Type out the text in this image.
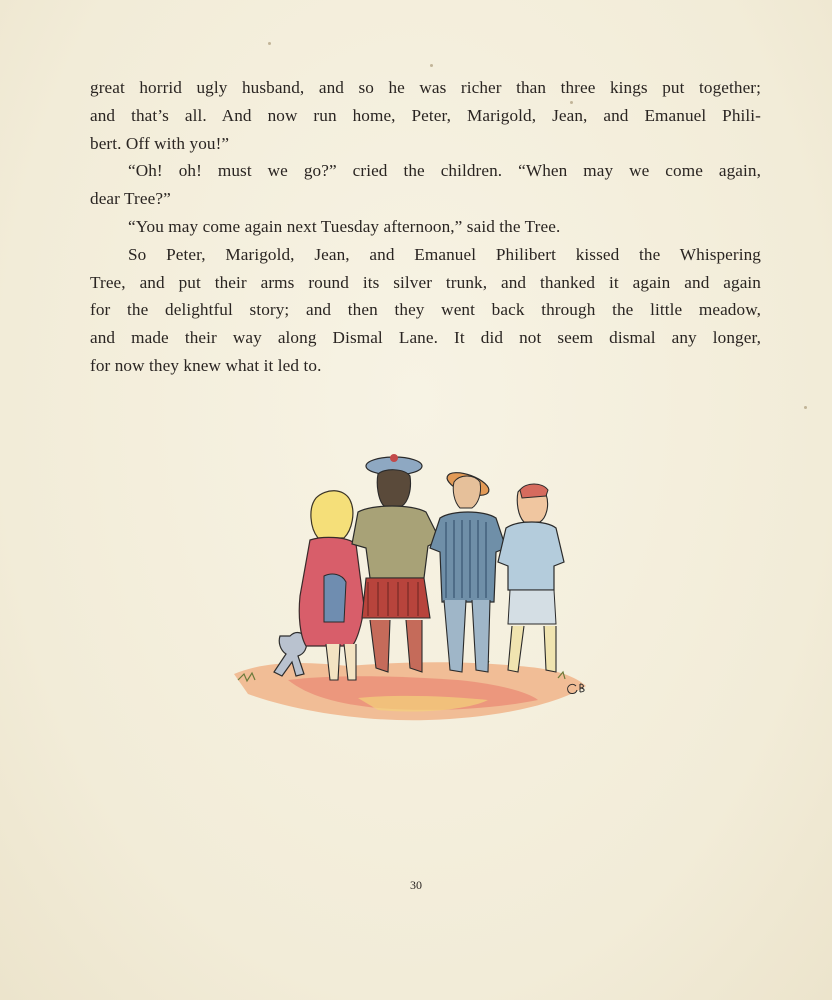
great horrid ugly husband, and so he was richer than three kings put together;
and that’s all. And now run home, Peter, Marigold, Jean, and Emanuel Phili-
bert. Off with you!”

“Oh! oh! must we go?” cried the children. “When may we come again,
dear Tree?”

“You may come again next Tuesday afternoon,” said the Tree.

So Peter, Marigold, Jean, and Emanuel Philibert kissed the Whispering
Tree, and put their arms round its silver trunk, and thanked it again and again
for the delightful story; and then they went back through the little meadow,
and made their way along Dismal Lane. It did not seem dismal any longer,
for now they knew what it led to.

30
